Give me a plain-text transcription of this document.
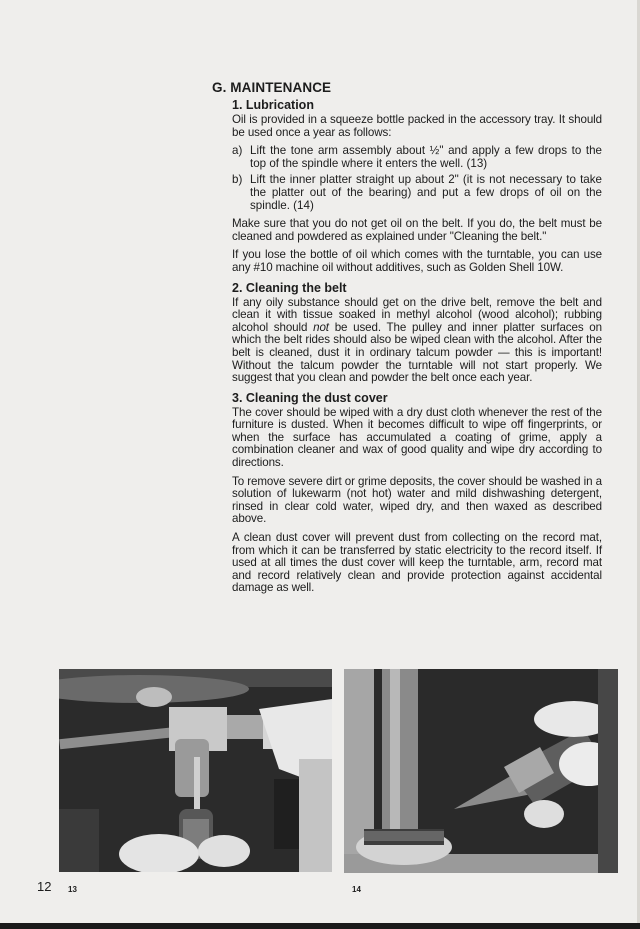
G. MAINTENANCE
1. Lubrication

Oil is provided in a squeeze bottle packed in the accessory tray. It should be used once a year as follows:

a) Lift the tone arm assembly about ½" and apply a few drops to the top of the spindle where it enters the well. (13)
b) Lift the inner platter straight up about 2" (it is not necessary to take the platter out of the bearing) and put a few drops of oil on the spindle. (14)

Make sure that you do not get oil on the belt. If you do, the belt must be cleaned and powdered as explained under "Cleaning the belt."

If you lose the bottle of oil which comes with the turntable, you can use any #10 machine oil without additives, such as Golden Shell 10W.

2. Cleaning the belt

If any oily substance should get on the drive belt, remove the belt and clean it with tissue soaked in methyl alcohol (wood alcohol); rubbing alcohol should not be used. The pulley and inner platter surfaces on which the belt rides should also be wiped clean with the alcohol. After the belt is cleaned, dust it in ordinary talcum powder — this is important! Without the talcum powder the turntable will not start properly. We suggest that you clean and powder the belt once each year.

3. Cleaning the dust cover

The cover should be wiped with a dry dust cloth whenever the rest of the furniture is dusted. When it becomes difficult to wipe off fingerprints, or when the surface has accumulated a coating of grime, apply a combination cleaner and wax of good quality and wipe dry according to directions.

To remove severe dirt or grime deposits, the cover should be washed in a solution of lukewarm (not hot) water and mild dishwashing detergent, rinsed in clear cold water, wiped dry, and then waxed as described above.

A clean dust cover will prevent dust from collecting on the record mat, from which it can be transferred by static electricity to the record itself. If used at all times the dust cover will keep the turntable, arm, record mat and record relatively clean and provide protection against accidental damage as well.

12 13	14
